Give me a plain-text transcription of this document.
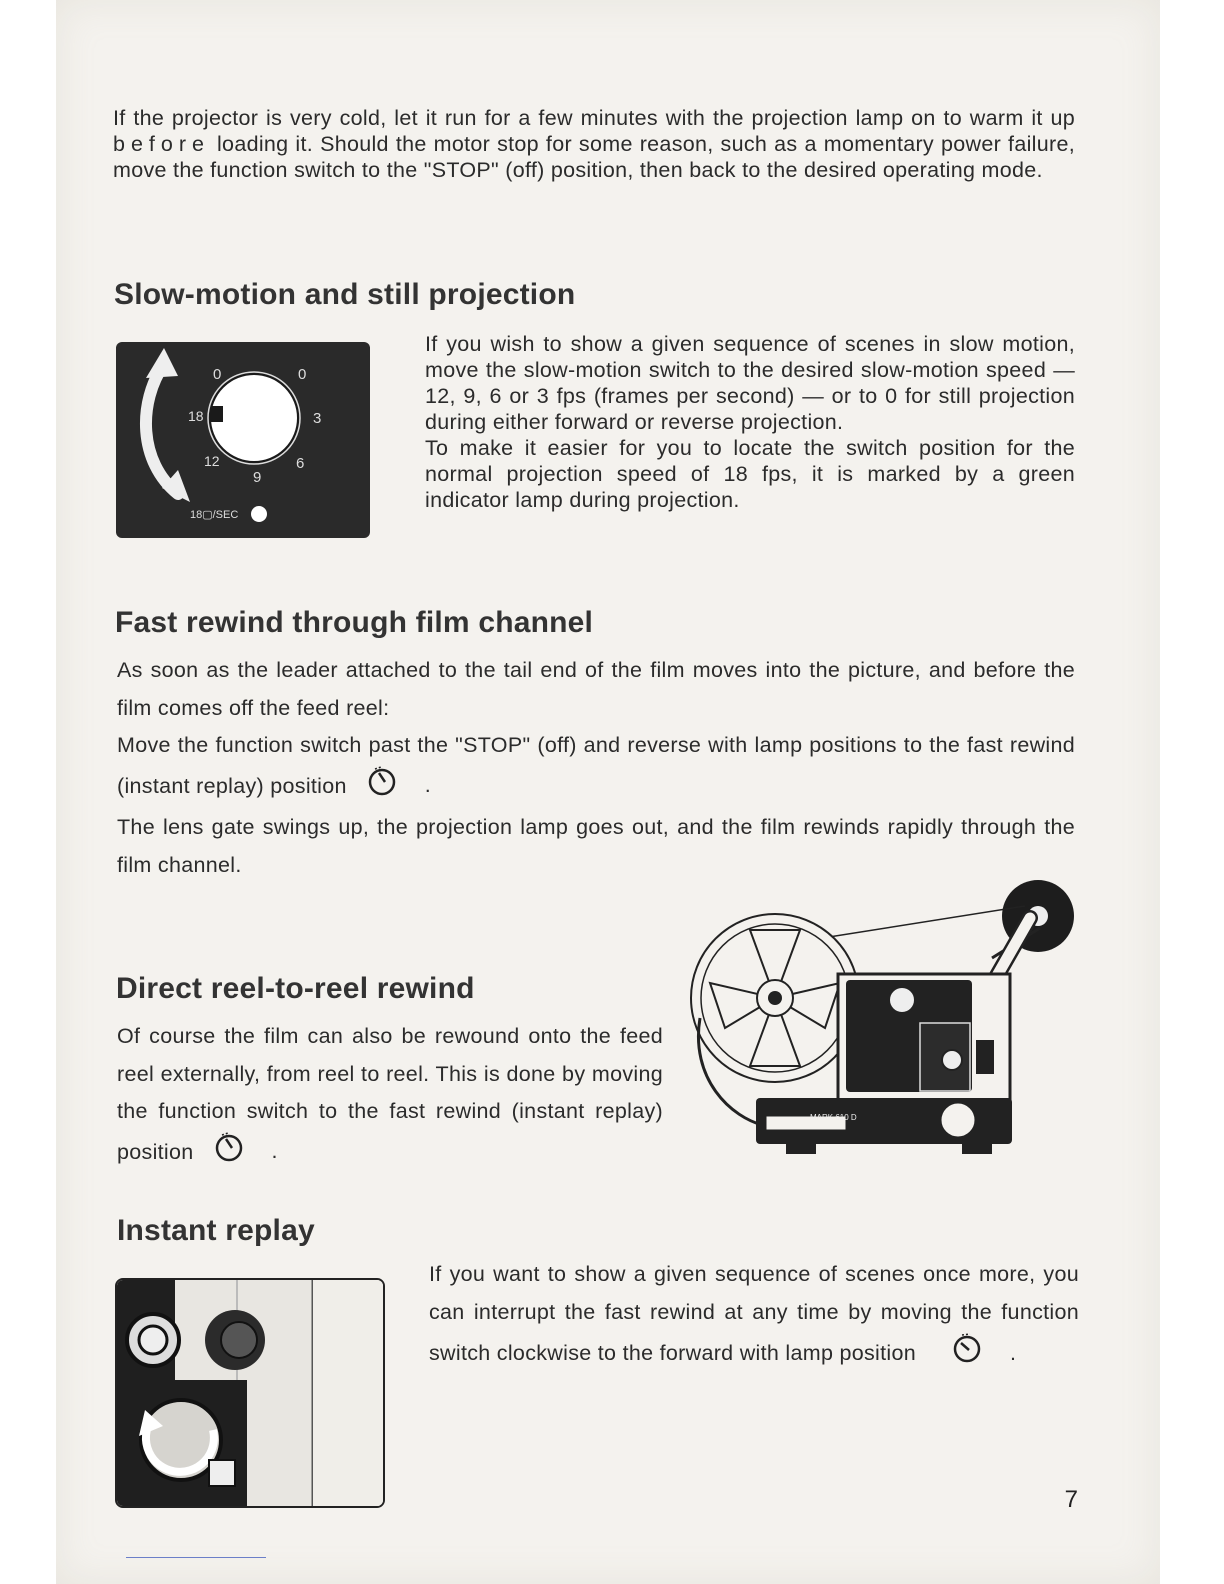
If the projector is very cold, let it run for a few minutes with the projection lamp on to warm it up before loading it. Should the motor stop for some reason, such as a momentary power failure, move the function switch to the "STOP" (off) position, then back to the desired operating mode.

Slow-motion and still projection
0	0
18	3
12	6
9
18▢/SEC

If you wish to show a given sequence of scenes in slow motion, move the slow-motion switch to the desired slow-motion speed — 12, 9, 6 or 3 fps (frames per second) — or to 0 for still projection during either forward or reverse projection.

To make it easier for you to locate the switch position for the normal projection speed of 18 fps, it is marked by a green indicator lamp during projection.

Fast rewind through film channel

As soon as the leader attached to the tail end of the film moves into the picture, and before the film comes off the feed reel:

Move the function switch past the "STOP" (off) and reverse with lamp positions to the fast rewind (instant replay) position	.

The lens gate swings up, the projection lamp goes out, and the film rewinds rapidly through the film channel.

Direct reel-to-reel rewind

Of course the film can also be rewound onto the feed reel externally, from reel to reel. This is done by moving the function switch to the fast rewind (instant replay) position	.

MARK 610 D
Instant replay

If you want to show a given sequence of scenes once more, you can interrupt the fast rewind at any time by moving the function switch clockwise to the forward with lamp position	.

7
